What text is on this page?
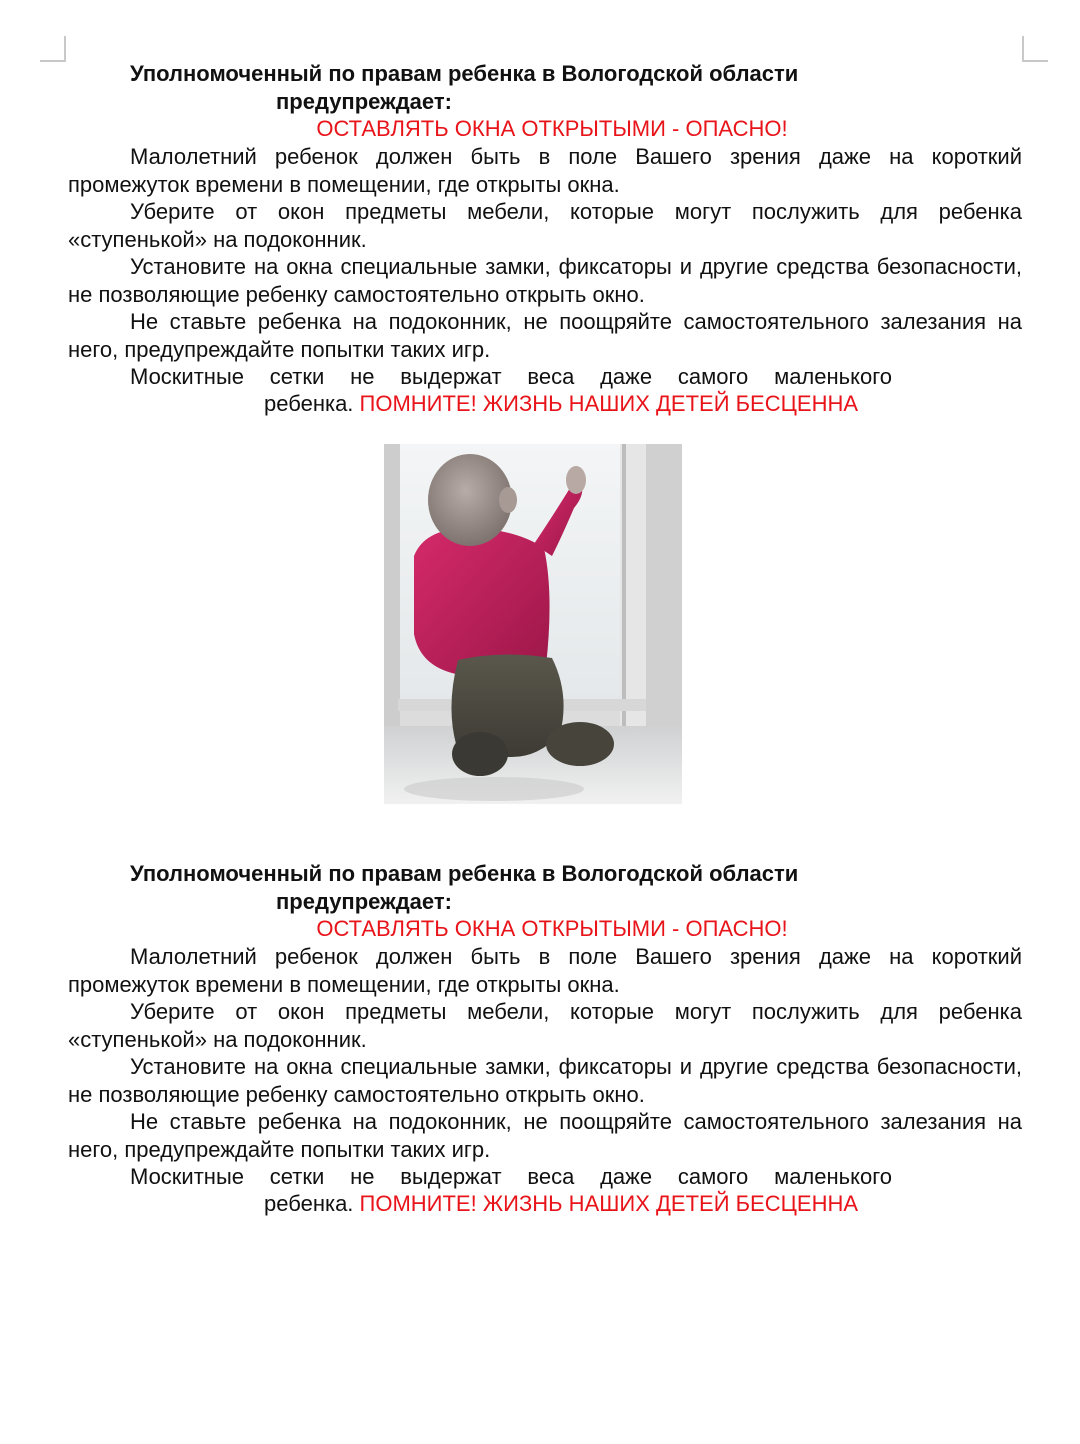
Уполномоченный по правам ребенка в Вологодской области
предупреждает:
ОСТАВЛЯТЬ ОКНА ОТКРЫТЫМИ - ОПАСНО!
Малолетний ребенок должен быть в поле Вашего зрения даже на короткий промежуток времени в помещении, где открыты окна.
Уберите от окон предметы мебели, которые могут послужить для ребенка «ступенькой» на подоконник.
Установите на окна специальные замки, фиксаторы и другие средства безопасности, не позволяющие ребенку самостоятельно открыть окно.
Не ставьте ребенка на подоконник, не поощряйте самостоятельного залезания на него, предупреждайте попытки таких игр.
Москитные сетки не выдержат веса даже самого маленького
ребенка. ПОМНИТЕ! ЖИЗНЬ НАШИХ ДЕТЕЙ БЕСЦЕННА
Уполномоченный по правам ребенка в Вологодской области
предупреждает:
ОСТАВЛЯТЬ ОКНА ОТКРЫТЫМИ - ОПАСНО!
Малолетний ребенок должен быть в поле Вашего зрения даже на короткий промежуток времени в помещении, где открыты окна.
Уберите от окон предметы мебели, которые могут послужить для ребенка «ступенькой» на подоконник.
Установите на окна специальные замки, фиксаторы и другие средства безопасности, не позволяющие ребенку самостоятельно открыть окно.
Не ставьте ребенка на подоконник, не поощряйте самостоятельного залезания на него, предупреждайте попытки таких игр.
Москитные сетки не выдержат веса даже самого маленького
ребенка. ПОМНИТЕ! ЖИЗНЬ НАШИХ ДЕТЕЙ БЕСЦЕННА
